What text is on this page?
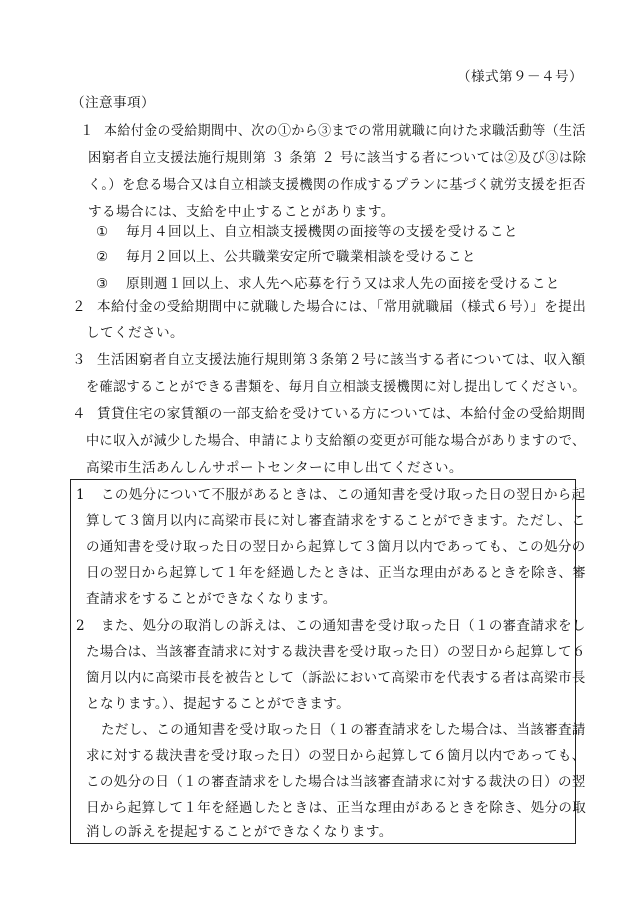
（様式第９－４号）
（注意事項）
１ 本給付金の受給期間中、次の①から③までの常用就職に向けた求職活動等（生活
困窮者自立支援法施行規則第 ３ 条第 ２ 号に該当する者については②及び③は除
く。）を怠る場合又は自立相談支援機関の作成するプランに基づく就労支援を拒否
する場合には、支給を中止することがあります。
① 毎月４回以上、自立相談支援機関の面接等の支援を受けること
② 毎月２回以上、公共職業安定所で職業相談を受けること
③ 原則週１回以上、求人先へ応募を行う又は求人先の面接を受けること
２ 本給付金の受給期間中に就職した場合には、「常用就職届（様式６号）」を提出
してください。
３ 生活困窮者自立支援法施行規則第３条第２号に該当する者については、収入額
を確認することができる書類を、毎月自立相談支援機関に対し提出してください。
４ 賃貸住宅の家賃額の一部支給を受けている方については、本給付金の受給期間
中に収入が減少した場合、申請により支給額の変更が可能な場合がありますので、
高梁市生活あんしんサポートセンターに申し出てください。
1 この処分について不服があるときは、この通知書を受け取った日の翌日から起
算して３箇月以内に高梁市長に対し審査請求をすることができます。ただし、こ
の通知書を受け取った日の翌日から起算して３箇月以内であっても、この処分の
日の翌日から起算して１年を経過したときは、正当な理由があるときを除き、審
査請求をすることができなくなります。
2 また、処分の取消しの訴えは、この通知書を受け取った日（１の審査請求をし
た場合は、当該審査請求に対する裁決書を受け取った日）の翌日から起算して６
箇月以内に高梁市長を被告として（訴訟において高梁市を代表する者は高梁市長
となります。）、提起することができます。
ただし、この通知書を受け取った日（１の審査請求をした場合は、当該審査請
求に対する裁決書を受け取った日）の翌日から起算して６箇月以内であっても、
この処分の日（１の審査請求をした場合は当該審査請求に対する裁決の日）の翌
日から起算して１年を経過したときは、正当な理由があるときを除き、処分の取
消しの訴えを提起することができなくなります。
